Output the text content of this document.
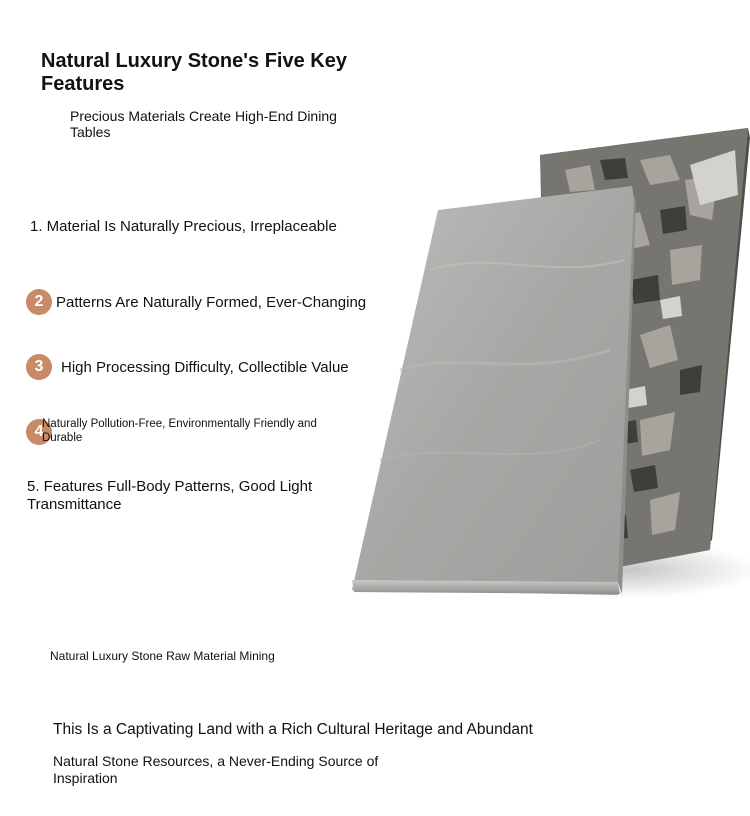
Natural Luxury Stone's Five Key Features
Precious Materials Create High-End Dining Tables
1. Material Is Naturally Precious, Irreplaceable
2 Patterns Are Naturally Formed, Ever-Changing
3	High Processing Difficulty, Collectible Value
4
Naturally Pollution-Free, Environmentally Friendly and Durable
5. Features Full-Body Patterns, Good Light Transmittance
Natural Luxury Stone Raw Material Mining
This Is a Captivating Land with a Rich Cultural Heritage and Abundant
Natural Stone Resources, a Never-Ending Source of Inspiration
